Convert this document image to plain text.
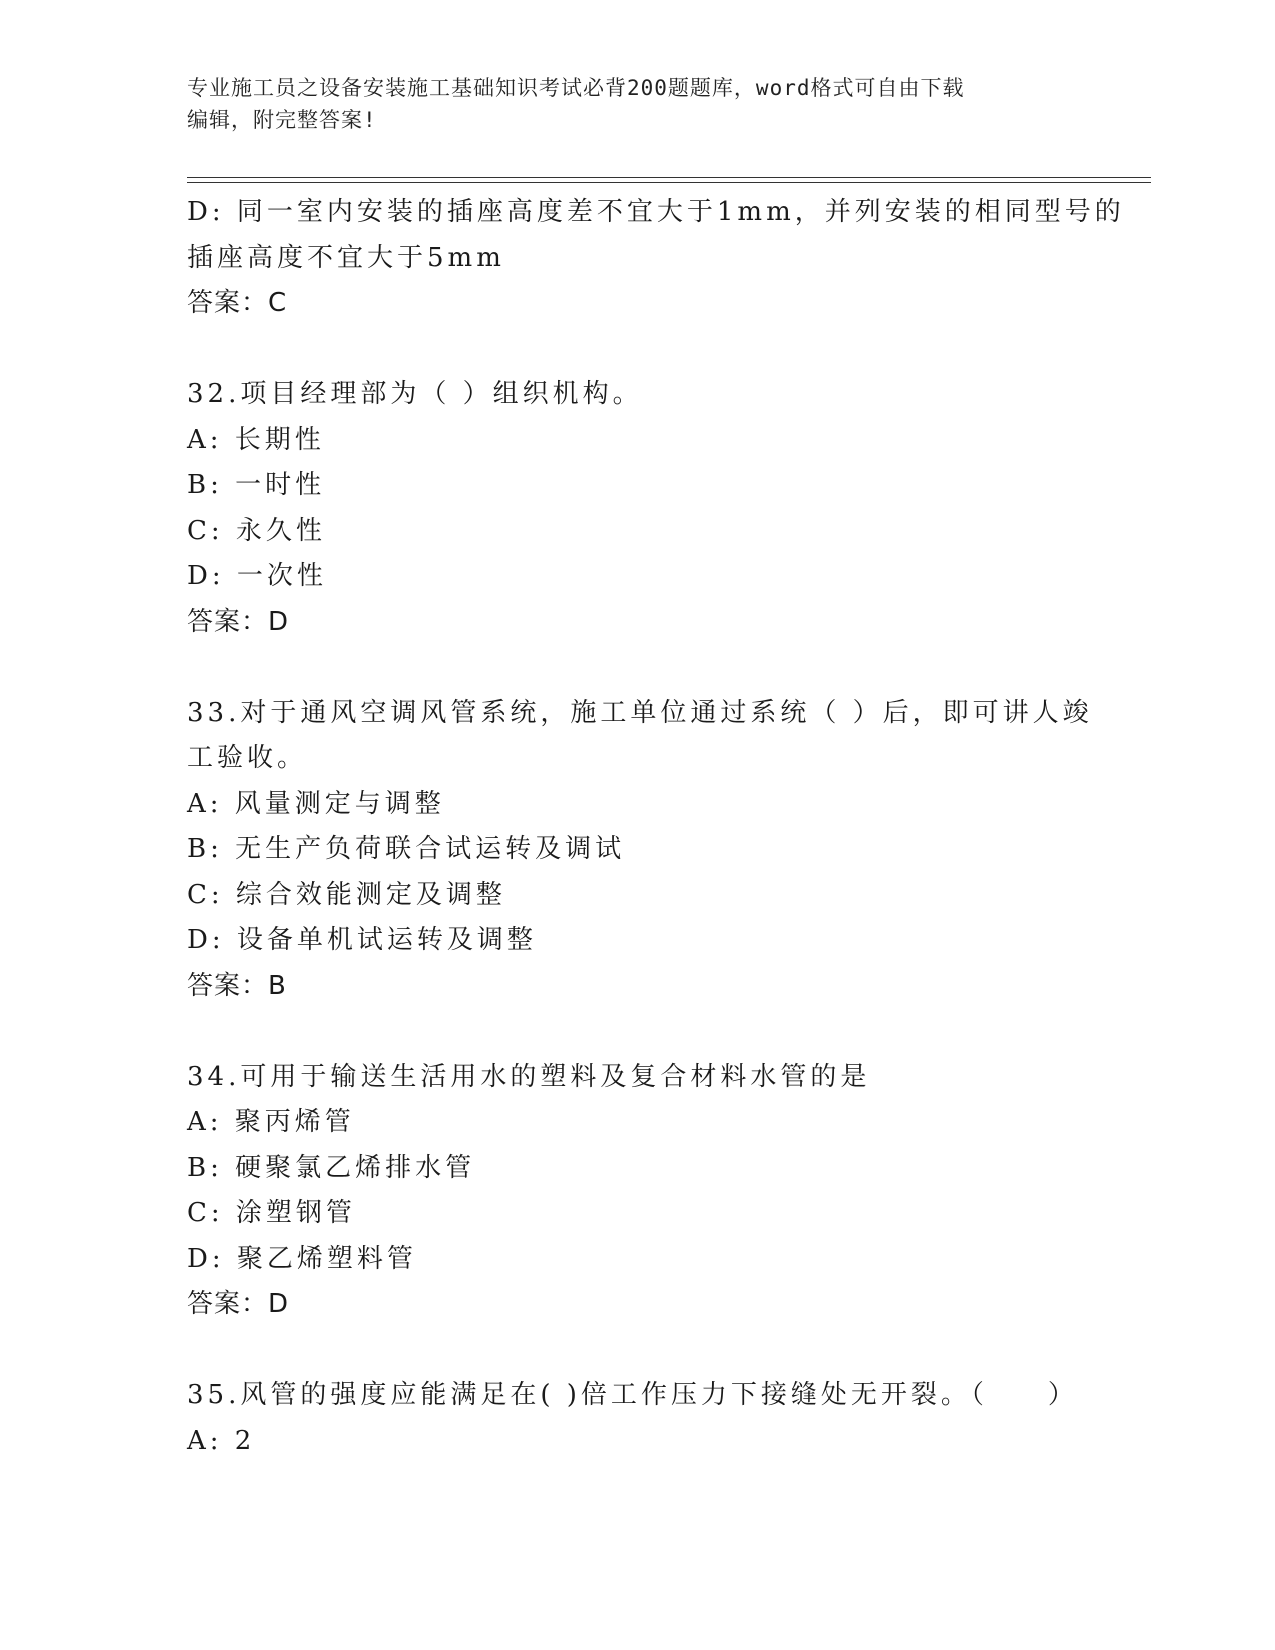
专业施工员之设备安装施工基础知识考试必背200题题库，word格式可自由下载
编辑，附完整答案!
D: 同一室内安装的插座高度差不宜大于1mm，并列安装的相同型号的
插座高度不宜大于5mm
答案：C
32.项目经理部为（ ）组织机构。
A: 长期性
B: 一时性
C: 永久性
D: 一次性
答案：D
33.对于通风空调风管系统，施工单位通过系统（ ）后，即可讲人竣
工验收。
A: 风量测定与调整
B: 无生产负荷联合试运转及调试
C: 综合效能测定及调整
D: 设备单机试运转及调整
答案：B
34.可用于输送生活用水的塑料及复合材料水管的是
A: 聚丙烯管
B: 硬聚氯乙烯排水管
C: 涂塑钢管
D: 聚乙烯塑料管
答案：D
35.风管的强度应能满足在( )倍工作压力下接缝处无开裂。（　　）
A: 2
